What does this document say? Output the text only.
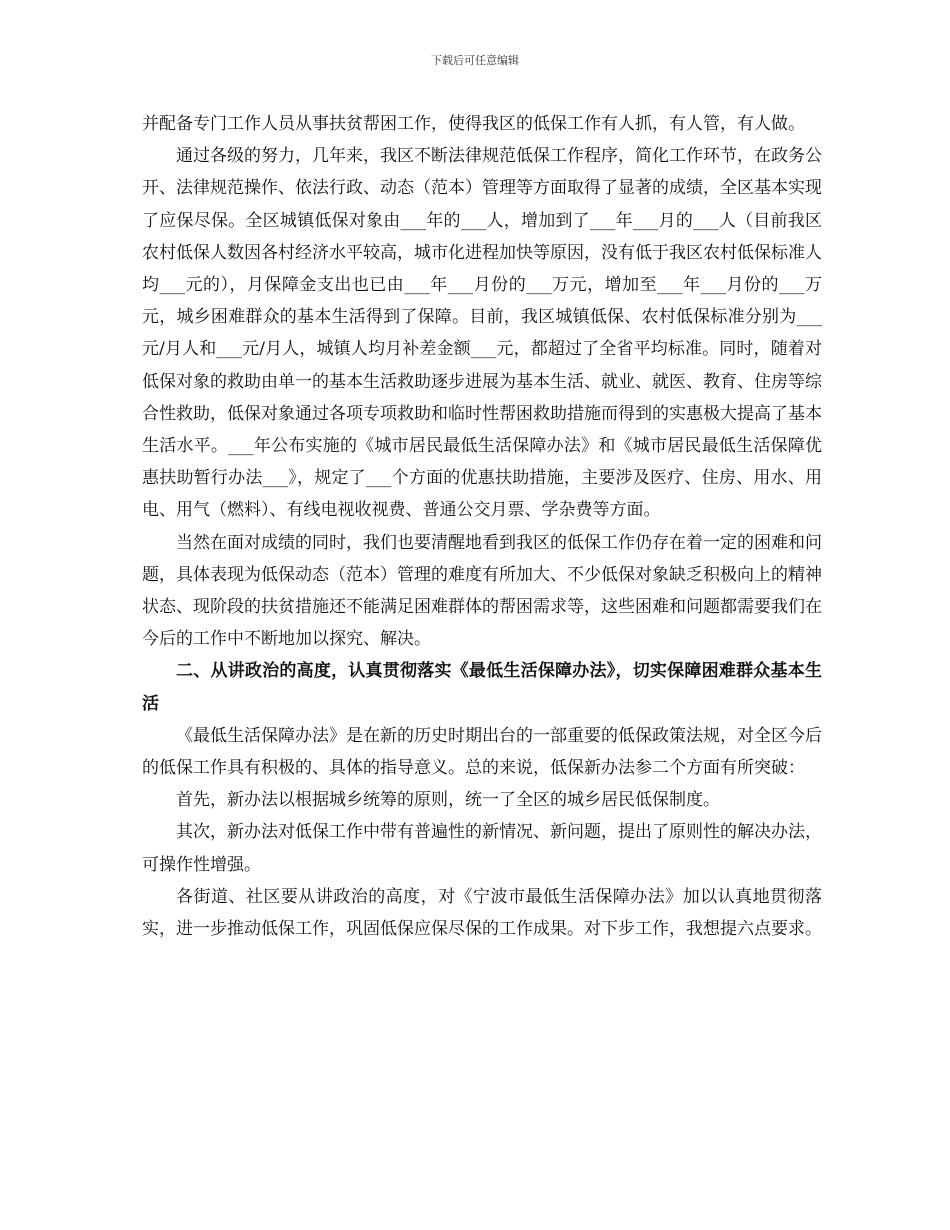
下载后可任意编辑

并配备专门工作人员从事扶贫帮困工作，使得我区的低保工作有人抓，有人管，有人做。

通过各级的努力，几年来，我区不断法律规范低保工作程序，简化工作环节，在政务公开、法律规范操作、依法行政、动态（范本）管理等方面取得了显著的成绩，全区基本实现了应保尽保。全区城镇低保对象由___年的___人，增加到了___年___月的___人（目前我区农村低保人数因各村经济水平较高，城市化进程加快等原因，没有低于我区农村低保标准人均___元的），月保障金支出也已由___年___月份的___万元，增加至___年___月份的___万元，城乡困难群众的基本生活得到了保障。目前，我区城镇低保、农村低保标准分别为___元/月人和___元/月人，城镇人均月补差金额___元，都超过了全省平均标准。同时，随着对低保对象的救助由单一的基本生活救助逐步进展为基本生活、就业、就医、教育、住房等综合性救助，低保对象通过各项专项救助和临时性帮困救助措施而得到的实惠极大提高了基本生活水平。___年公布实施的《城市居民最低生活保障办法》和《城市居民最低生活保障优惠扶助暂行办法___》，规定了___个方面的优惠扶助措施，主要涉及医疗、住房、用水、用电、用气（燃料）、有线电视收视费、普通公交月票、学杂费等方面。

当然在面对成绩的同时，我们也要清醒地看到我区的低保工作仍存在着一定的困难和问题，具体表现为低保动态（范本）管理的难度有所加大、不少低保对象缺乏积极向上的精神状态、现阶段的扶贫措施还不能满足困难群体的帮困需求等，这些困难和问题都需要我们在今后的工作中不断地加以探究、解决。

二、从讲政治的高度，认真贯彻落实《最低生活保障办法》，切实保障困难群众基本生活

《最低生活保障办法》是在新的历史时期出台的一部重要的低保政策法规，对全区今后的低保工作具有积极的、具体的指导意义。总的来说，低保新办法参二个方面有所突破：

首先，新办法以根据城乡统筹的原则，统一了全区的城乡居民低保制度。

其次，新办法对低保工作中带有普遍性的新情况、新问题，提出了原则性的解决办法，可操作性增强。

各街道、社区要从讲政治的高度，对《宁波市最低生活保障办法》加以认真地贯彻落实，进一步推动低保工作，巩固低保应保尽保的工作成果。对下步工作，我想提六点要求。
